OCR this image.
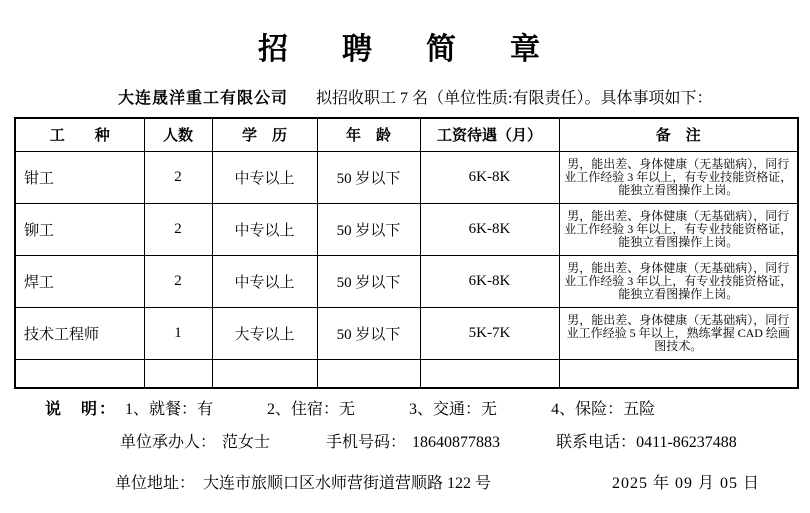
招　聘　简　章
大连晟洋重工有限公司 拟招收职工 7 名（单位性质:有限责任）。具体事项如下：
工　　种	人数	学　历	年　龄	工资待遇（月）	备　注
钳工	2	中专以上	50 岁以下	6K-8K	男，能出差、身体健康（无基础病），同行业工作经验 3 年以上，有专业技能资格证，能独立看图操作上岗。
铆工	2	中专以上	50 岁以下	6K-8K	男，能出差、身体健康（无基础病），同行业工作经验 3 年以上，有专业技能资格证，能独立看图操作上岗。
焊工	2	中专以上	50 岁以下	6K-8K	男，能出差、身体健康（无基础病），同行业工作经验 3 年以上，有专业技能资格证，能独立看图操作上岗。
技术工程师	1	大专以上	50 岁以下	5K-7K	男，能出差、身体健康（无基础病），同行业工作经验 5 年以上，熟练掌握 CAD 绘画图技术。

说　明： 1、就餐：有	2、住宿：无	3、交通：无	4、保险：五险
单位承办人： 范女士	手机号码： 18640877883	联系电话：0411-86237488
单位地址： 大连市旅顺口区水师营街道营顺路 122 号	2025 年 09 月 05 日
